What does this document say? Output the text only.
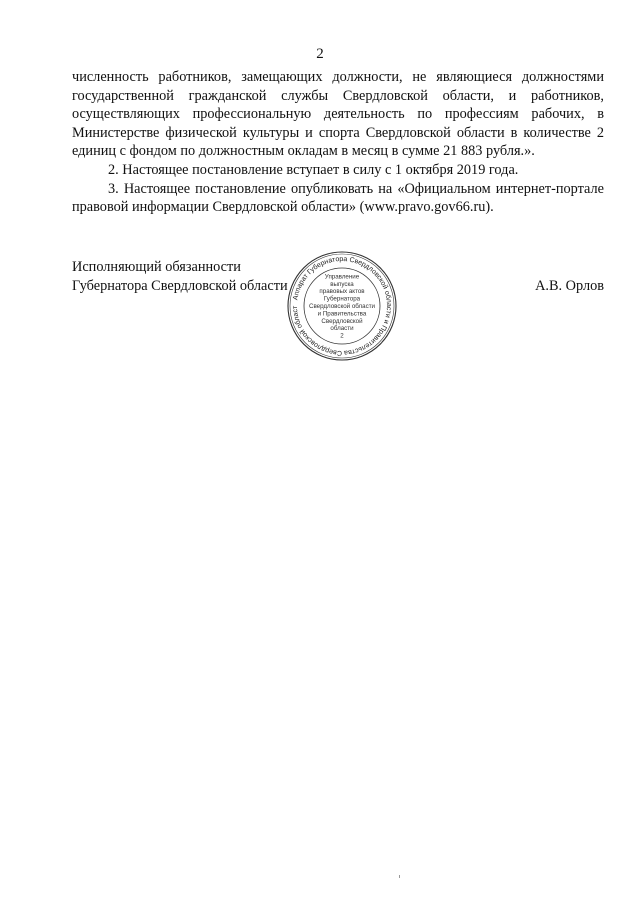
2

численность работников, замещающих должности, не являющиеся должностями государственной гражданской службы Свердловской области, и работников, осуществляющих профессиональную деятельность по профессиям рабочих, в Министерстве физической культуры и спорта Свердловской области в количестве 2 единиц с фондом по должностным окладам в месяц в сумме 21 883 рубля.».

2. Настоящее постановление вступает в силу с 1 октября 2019 года.

3. Настоящее постановление опубликовать на «Официальном интернет-портале правовой информации Свердловской области» (www.pravo.gov66.ru).

Исполняющий обязанности
Губернатора Свердловской области
Аппарат Губернатора Свердловской области и Правительства Свердловской област
Управление
выпуска
правовых актов
Губернатора
Свердловской области
и Правительства
Свердловской
области
2
А.В. Орлов
